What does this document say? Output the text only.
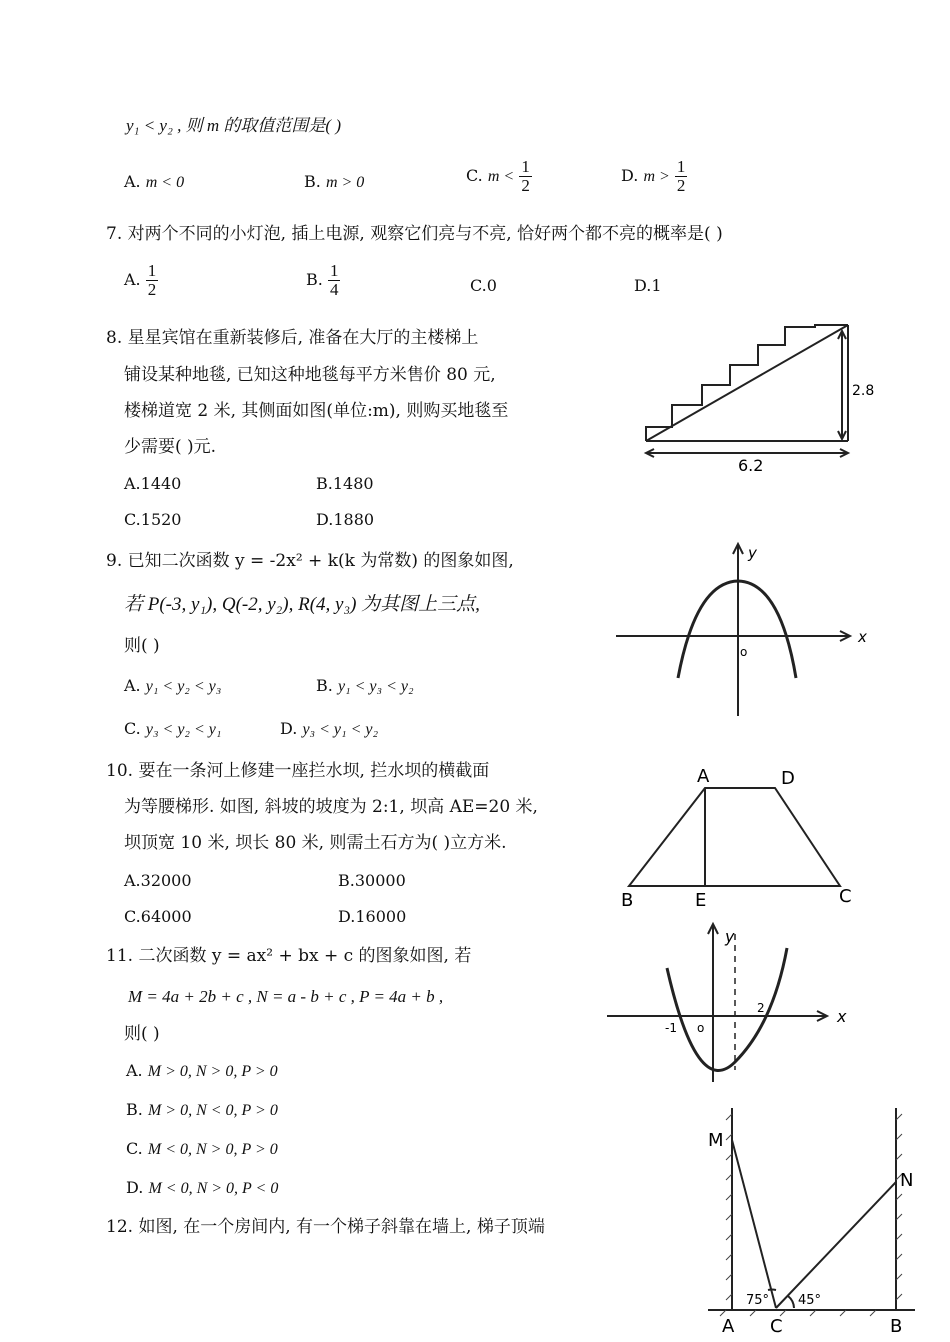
y₁ < y₂ , 则 m 的取值范围是( )
A. m < 0	B. m > 0	C. $m < \frac{1}{2}$	D. $m > \frac{1}{2}$
7. 对两个不同的小灯泡, 插上电源, 观察它们亮与不亮, 恰好两个都不亮的概率是( )
A. $\frac{1}{2}$	B. $\frac{1}{4}$	C.0	D.1
8. 星星宾馆在重新装修后, 准备在大厅的主楼梯上
铺设某种地毯, 已知这种地毯每平方米售价 80 元,
楼梯道宽 2 米, 其侧面如图(单位:m), 则购买地毯至
少需要( )元.
A.1440	B.1480
C.1520	D.1880
2.8
6.2
9. 已知二次函数 y = -2x² + k(k 为常数) 的图象如图,
若 P(-3, y₁), Q(-2, y₂), R(4, y₃) 为其图上三点,
则( )
A. y₁ < y₂ < y₃	B. y₁ < y₃ < y₂
C. y₃ < y₂ < y₁	D. y₃ < y₁ < y₂
x
y
o
10. 要在一条河上修建一座拦水坝, 拦水坝的横截面
为等腰梯形. 如图, 斜坡的坡度为 2:1, 坝高 AE=20 米,
坝顶宽 10 米, 坝长 80 米, 则需土石方为( )立方米.
A.32000	B.30000
C.64000	D.16000
A	D
B	E	C
11. 二次函数 y = ax² + bx + c 的图象如图, 若
M = 4a + 2b + c , N = a - b + c , P = 4a + b ,
则( )
A. M > 0, N > 0, P > 0
B. M > 0, N < 0, P > 0
C. M < 0, N > 0, P > 0
D. M < 0, N > 0, P < 0
x
y
o
-1
2
12. 如图, 在一个房间内, 有一个梯子斜靠在墙上, 梯子顶端
M
N
A C	B
75° 45°
